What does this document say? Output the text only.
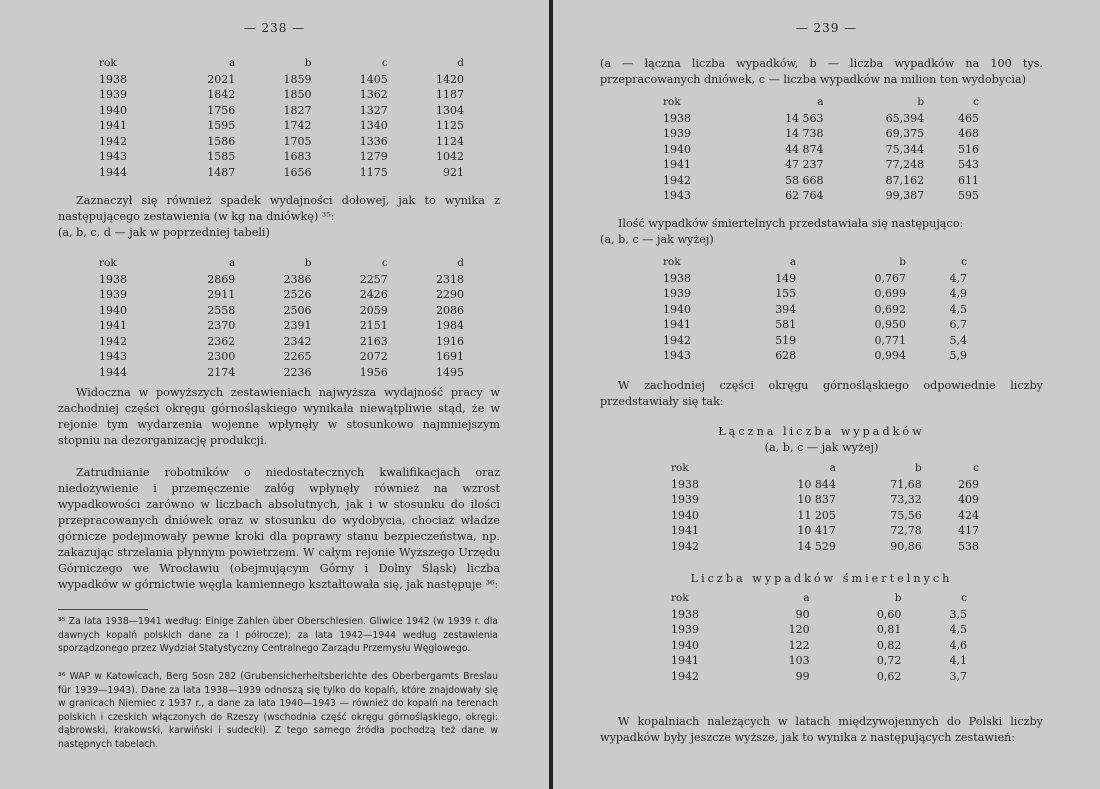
— 238 —
rok	a	b	c	d
1938	2021	1859	1405	1420
1939	1842	1850	1362	1187
1940	1756	1827	1327	1304
1941	1595	1742	1340	1125
1942	1586	1705	1336	1124
1943	1585	1683	1279	1042
1944	1487	1656	1175	921

Zaznaczył się również spadek wydajności dołowej, jak to wynika z następującego zestawienia (w kg na dniówkę) ³⁵:
(a, b, c, d — jak w poprzedniej tabeli)

rok	a	b	c	d
1938	2869	2386	2257	2318
1939	2911	2526	2426	2290
1940	2558	2506	2059	2086
1941	2370	2391	2151	1984
1942	2362	2342	2163	1916
1943	2300	2265	2072	1691
1944	2174	2236	1956	1495

Widoczna w powyższych zestawieniach najwyższa wydajność pracy w zachodniej części okręgu górnośląskiego wynikała niewątpliwie stąd, że w rejonie tym wydarzenia wojenne wpłynęły w stosunkowo najmniejszym stopniu na dezorganizację produkcji.

Zatrudnianie robotników o niedostatecznych kwalifikacjach oraz niedożywienie i przemęczenie załóg wpłynęły również na wzrost wypadkowości zarówno w liczbach absolutnych, jak i w stosunku do ilości przepracowanych dniówek oraz w stosunku do wydobycia, chociaż władze górnicze podejmowały pewne kroki dla poprawy stanu bezpieczeństwa, np. zakazując strzelania płynnym powietrzem. W całym rejonie Wyższego Urzędu Górniczego we Wrocławiu (obejmującym Górny i Dolny Śląsk) liczba wypadków w górnictwie węgla kamiennego kształtowała się, jak następuje ³⁶:

³⁵ Za lata 1938—1941 według: Einige Zahlen über Oberschlesien. Gliwice 1942 (w 1939 r. dla dawnych kopalń polskich dane za I półrocze); za lata 1942—1944 według zestawienia sporządzonego przez Wydział Statystyczny Centralnego Zarządu Przemysłu Węglowego.

³⁶ WAP w Katowicach, Berg Sosn 282 (Grubensicherheitsberichte des Oberbergamts Breslau für 1939—1943). Dane za lata 1938—1939 odnoszą się tylko do kopalń, które znajdowały się w granicach Niemiec z 1937 r., a dane za lata 1940—1943 — również do kopalń na terenach polskich i czeskich włączonych do Rzeszy (wschodnia część okręgu górnośląskiego, okręgi: dąbrowski, krakowski, karwiński i sudecki). Z tego samego źródła pochodzą też dane w następnych tabelach.

— 239 —

(a — łączna liczba wypadków, b — liczba wypadków na 100 tys. przepracowanych dniówek, c — liczba wypadków na milion ton wydobycia)

rok	a	b	c
1938	14 563	65,394	465
1939	14 738	69,375	468
1940	44 874	75,344	516
1941	47 237	77,248	543
1942	58 668	87,162	611
1943	62 764	99,387	595

Ilość wypadków śmiertelnych przedstawiała się następująco:
(a, b, c — jak wyżej)

rok	a	b	c
1938	149	0,767	4,7
1939	155	0,699	4,9
1940	394	0,692	4,5
1941	581	0,950	6,7
1942	519	0,771	5,4
1943	628	0,994	5,9

W zachodniej części okręgu górnośląskiego odpowiednie liczby przedstawiały się tak:

Łączna liczba wypadków
(a, b, c — jak wyżej)
rok	a	b	c
1938	10 844	71,68	269
1939	10 837	73,32	409
1940	11 205	75,56	424
1941	10 417	72,78	417
1942	14 529	90,86	538
Liczba wypadków śmiertelnych
rok	a	b	c
1938	90	0,60	3,5
1939	120	0,81	4,5
1940	122	0,82	4,6
1941	103	0,72	4,1
1942	99	0,62	3,7

W kopalniach należących w latach międzywojennych do Polski liczby wypadków były jeszcze wyższe, jak to wynika z następujących zestawień:
